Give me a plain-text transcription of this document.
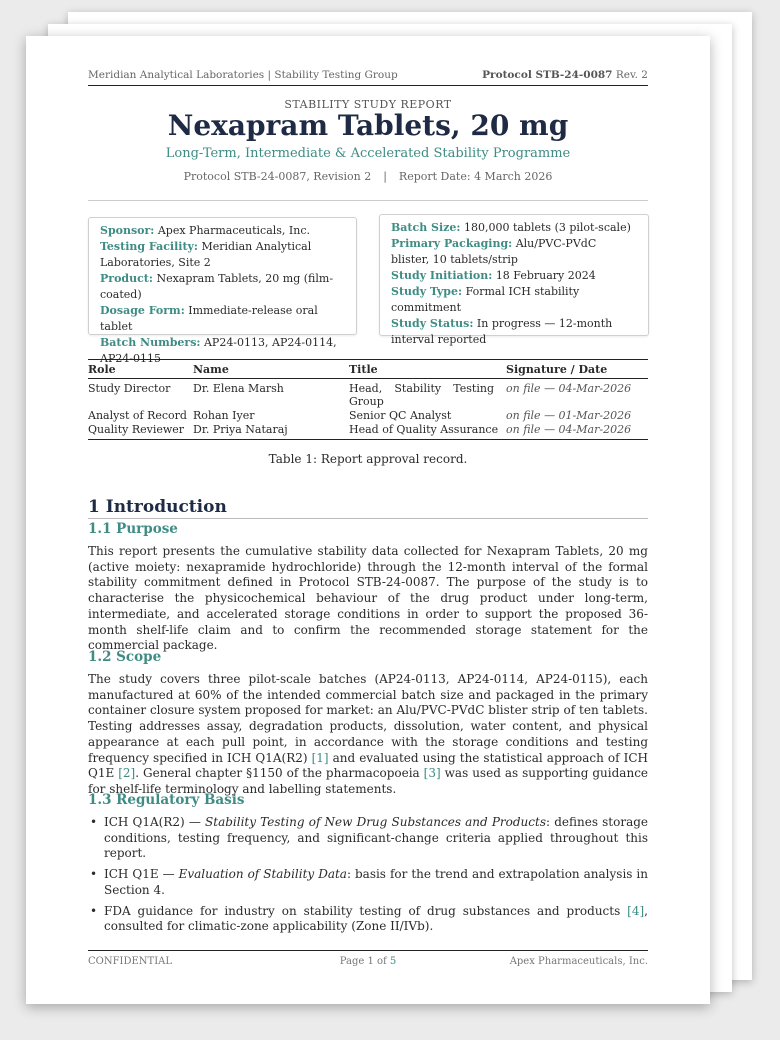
Meridian Analytical Laboratories | Stability Testing Group	Protocol STB-24-0087 Rev. 2
STABILITY STUDY REPORT
Nexapram Tablets, 20 mg
Long-Term, Intermediate & Accelerated Stability Programme
Protocol STB-24-0087, Revision 2 | Report Date: 4 March 2026
Sponsor: Apex Pharmaceuticals, Inc.
Testing Facility: Meridian Analytical Laboratories, Site 2
Product: Nexapram Tablets, 20 mg (film-coated)
Dosage Form: Immediate-release oral tablet
Batch Numbers: AP24-0113, AP24-0114, AP24-0115
Batch Size: 180,000 tablets (3 pilot-scale)
Primary Packaging: Alu/PVC-PVdC blister, 10 tablets/strip
Study Initiation: 18 February 2024
Study Type: Formal ICH stability commitment
Study Status: In progress — 12-month interval reported
Role	Name	Title	Signature / Date
Study Director	Dr. Elena Marsh	Head, Stability Testing Group	on file — 04-Mar-2026
Analyst of Record	Rohan Iyer	Senior QC Analyst	on file — 01-Mar-2026
Quality Reviewer	Dr. Priya Nataraj	Head of Quality Assurance	on file — 04-Mar-2026
Table 1: Report approval record.
1 Introduction
1.1 Purpose

This report presents the cumulative stability data collected for Nexapram Tablets, 20 mg (active moiety: nexapramide hydrochloride) through the 12-month interval of the formal stability commitment defined in Protocol STB-24-0087. The purpose of the study is to characterise the physicochemical behaviour of the drug product under long-term, intermediate, and accelerated storage conditions in order to support the proposed 36-month shelf-life claim and to confirm the recommended storage statement for the commercial package.

1.2 Scope

The study covers three pilot-scale batches (AP24-0113, AP24-0114, AP24-0115), each manufactured at 60% of the intended commercial batch size and packaged in the primary container closure system proposed for market: an Alu/PVC-PVdC blister strip of ten tablets. Testing addresses assay, degradation products, dissolution, water content, and physical appearance at each pull point, in accordance with the storage conditions and testing frequency specified in ICH Q1A(R2) [1] and evaluated using the statistical approach of ICH Q1E [2]. General chapter §1150 of the pharmacopoeia [3] was used as supporting guidance for shelf-life terminology and labelling statements.

1.3 Regulatory Basis
• ICH Q1A(R2) — Stability Testing of New Drug Substances and Products: defines storage conditions, testing frequency, and significant-change criteria applied throughout this report.
• ICH Q1E — Evaluation of Stability Data: basis for the trend and extrapolation analysis in Section 4.
• FDA guidance for industry on stability testing of drug substances and products [4], consulted for climatic-zone applicability (Zone II/IVb).
CONFIDENTIAL	Page 1 of 5	Apex Pharmaceuticals, Inc.
